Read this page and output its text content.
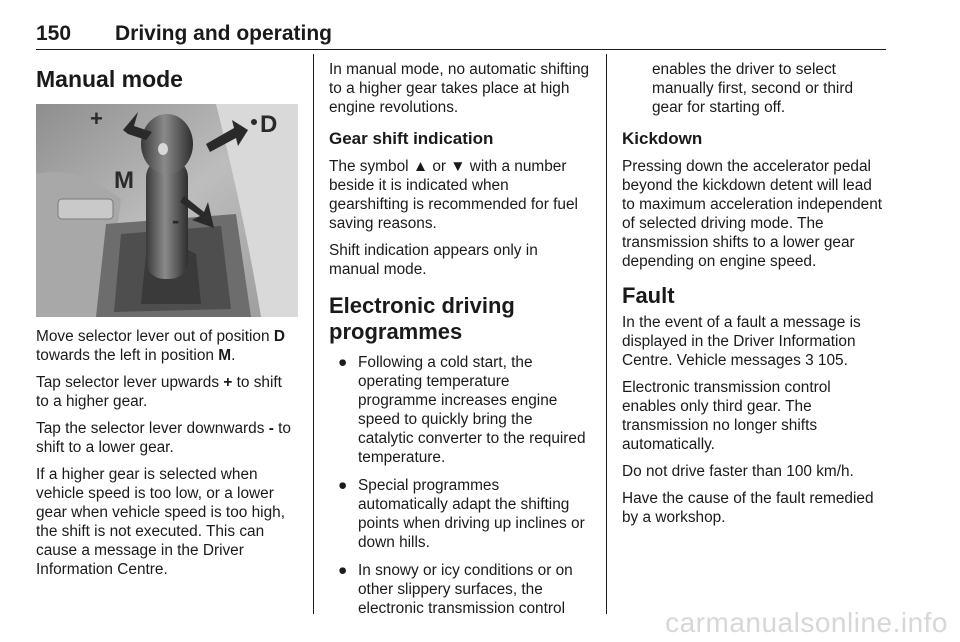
150 Driving and operating
Manual mode
+
-
D
M

Move selector lever out of position D towards the left in position M.

Tap selector lever upwards + to shift to a higher gear.

Tap the selector lever downwards - to shift to a lower gear.

If a higher gear is selected when vehicle speed is too low, or a lower gear when vehicle speed is too high, the shift is not executed. This can cause a message in the Driver Information Centre.

In manual mode, no automatic shifting to a higher gear takes place at high engine revolutions.

Gear shift indication

The symbol ▲ or ▼ with a number beside it is indicated when gearshifting is recommended for fuel saving reasons.

Shift indication appears only in manual mode.

Electronic driving
programmes
● Following a cold start, the operating temperature programme increases engine speed to quickly bring the catalytic converter to the required temperature.
● Special programmes automatically adapt the shifting points when driving up inclines or down hills.
● In snowy or icy conditions or on other slippery surfaces, the electronic transmission control

enables the driver to select manually first, second or third gear for starting off.

Kickdown

Pressing down the accelerator pedal beyond the kickdown detent will lead to maximum acceleration independent of selected driving mode. The transmission shifts to a lower gear depending on engine speed.

Fault

In the event of a fault a message is displayed in the Driver Information Centre. Vehicle messages 3 105.

Electronic transmission control enables only third gear. The transmission no longer shifts automatically.

Do not drive faster than 100 km/h.

Have the cause of the fault remedied by a workshop.

carmanualsonline.info
